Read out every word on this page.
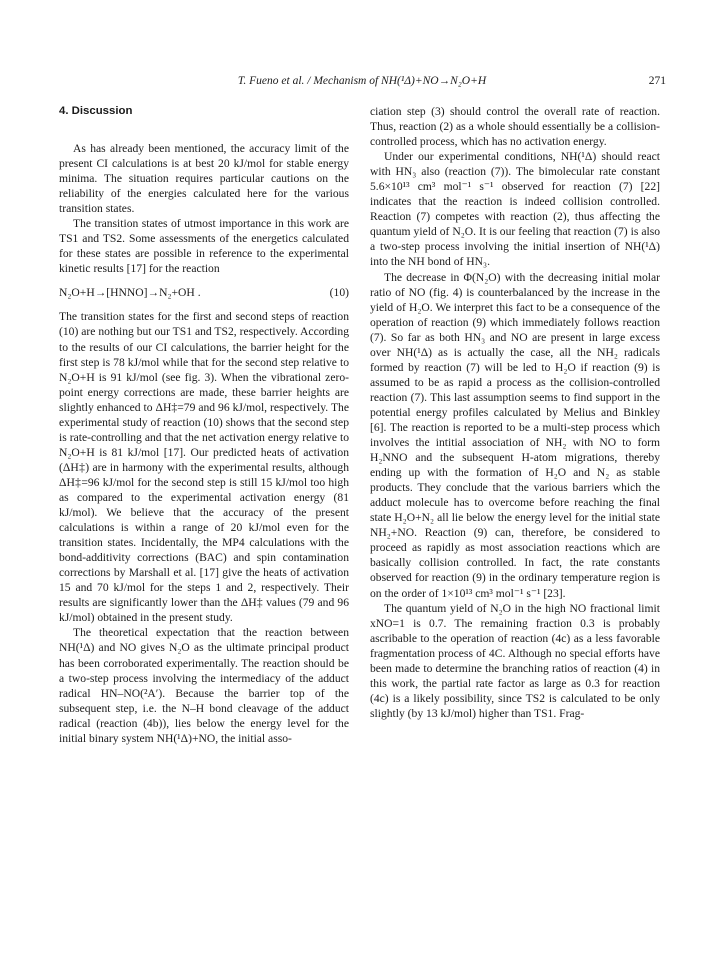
T. Fueno et al. / Mechanism of NH(¹Δ)+NO→N₂O+H	271
4. Discussion

As has already been mentioned, the accuracy limit of the present CI calculations is at best 20 kJ/mol for stable energy minima. The situation requires particular cautions on the reliability of the energies calculated here for the various transition states.

The transition states of utmost importance in this work are TS1 and TS2. Some assessments of the energetics calculated for these states are possible in reference to the experimental kinetic results [17] for the reaction

N₂O+H→[HNNO]→N₂+OH .	(10)

The transition states for the first and second steps of reaction (10) are nothing but our TS1 and TS2, respectively. According to the results of our CI calculations, the barrier height for the first step is 78 kJ/mol while that for the second step relative to N₂O+H is 91 kJ/mol (see fig. 3). When the vibrational zero-point energy corrections are made, these barrier heights are slightly enhanced to ΔH‡=79 and 96 kJ/mol, respectively. The experimental study of reaction (10) shows that the second step is rate-controlling and that the net activation energy relative to N₂O+H is 81 kJ/mol [17]. Our predicted heats of activation (ΔH‡) are in harmony with the experimental results, although ΔH‡=96 kJ/mol for the second step is still 15 kJ/mol too high as compared to the experimental activation energy (81 kJ/mol). We believe that the accuracy of the present calculations is within a range of 20 kJ/mol even for the transition states. Incidentally, the MP4 calculations with the bond-additivity corrections (BAC) and spin contamination corrections by Marshall et al. [17] give the heats of activation 15 and 70 kJ/mol for the steps 1 and 2, respectively. Their results are significantly lower than the ΔH‡ values (79 and 96 kJ/mol) obtained in the present study.

The theoretical expectation that the reaction between NH(¹Δ) and NO gives N₂O as the ultimate principal product has been corroborated experimentally. The reaction should be a two-step process involving the intermediacy of the adduct radical HN–NO(²A′). Because the barrier top of the subsequent step, i.e. the N–H bond cleavage of the adduct radical (reaction (4b)), lies below the energy level for the initial binary system NH(¹Δ)+NO, the initial asso-

ciation step (3) should control the overall rate of reaction. Thus, reaction (2) as a whole should essentially be a collision-controlled process, which has no activation energy.

Under our experimental conditions, NH(¹Δ) should react with HN₃ also (reaction (7)). The bimolecular rate constant 5.6×10¹³ cm³ mol⁻¹ s⁻¹ observed for reaction (7) [22] indicates that the reaction is indeed collision controlled. Reaction (7) competes with reaction (2), thus affecting the quantum yield of N₂O. It is our feeling that reaction (7) is also a two-step process involving the initial insertion of NH(¹Δ) into the NH bond of HN₃.

The decrease in Φ(N₂O) with the decreasing initial molar ratio of NO (fig. 4) is counterbalanced by the increase in the yield of H₂O. We interpret this fact to be a consequence of the operation of reaction (9) which immediately follows reaction (7). So far as both HN₃ and NO are present in large excess over NH(¹Δ) as is actually the case, all the NH₂ radicals formed by reaction (7) will be led to H₂O if reaction (9) is assumed to be as rapid a process as the collision-controlled reaction (7). This last assumption seems to find support in the potential energy profiles calculated by Melius and Binkley [6]. The reaction is reported to be a multi-step process which involves the intitial association of NH₂ with NO to form H₂NNO and the subsequent H-atom migrations, thereby ending up with the formation of H₂O and N₂ as stable products. They conclude that the various barriers which the adduct molecule has to overcome before reaching the final state H₂O+N₂ all lie below the energy level for the initial state NH₂+NO. Reaction (9) can, therefore, be considered to proceed as rapidly as most association reactions which are basically collision controlled. In fact, the rate constants observed for reaction (9) in the ordinary temperature region is on the order of 1×10¹³ cm³ mol⁻¹ s⁻¹ [23].

The quantum yield of N₂O in the high NO fractional limit xNO=1 is 0.7. The remaining fraction 0.3 is probably ascribable to the operation of reaction (4c) as a less favorable fragmentation process of 4C. Although no special efforts have been made to determine the branching ratios of reaction (4) in this work, the partial rate factor as large as 0.3 for reaction (4c) is a likely possibility, since TS2 is calculated to be only slightly (by 13 kJ/mol) higher than TS1. Frag-
